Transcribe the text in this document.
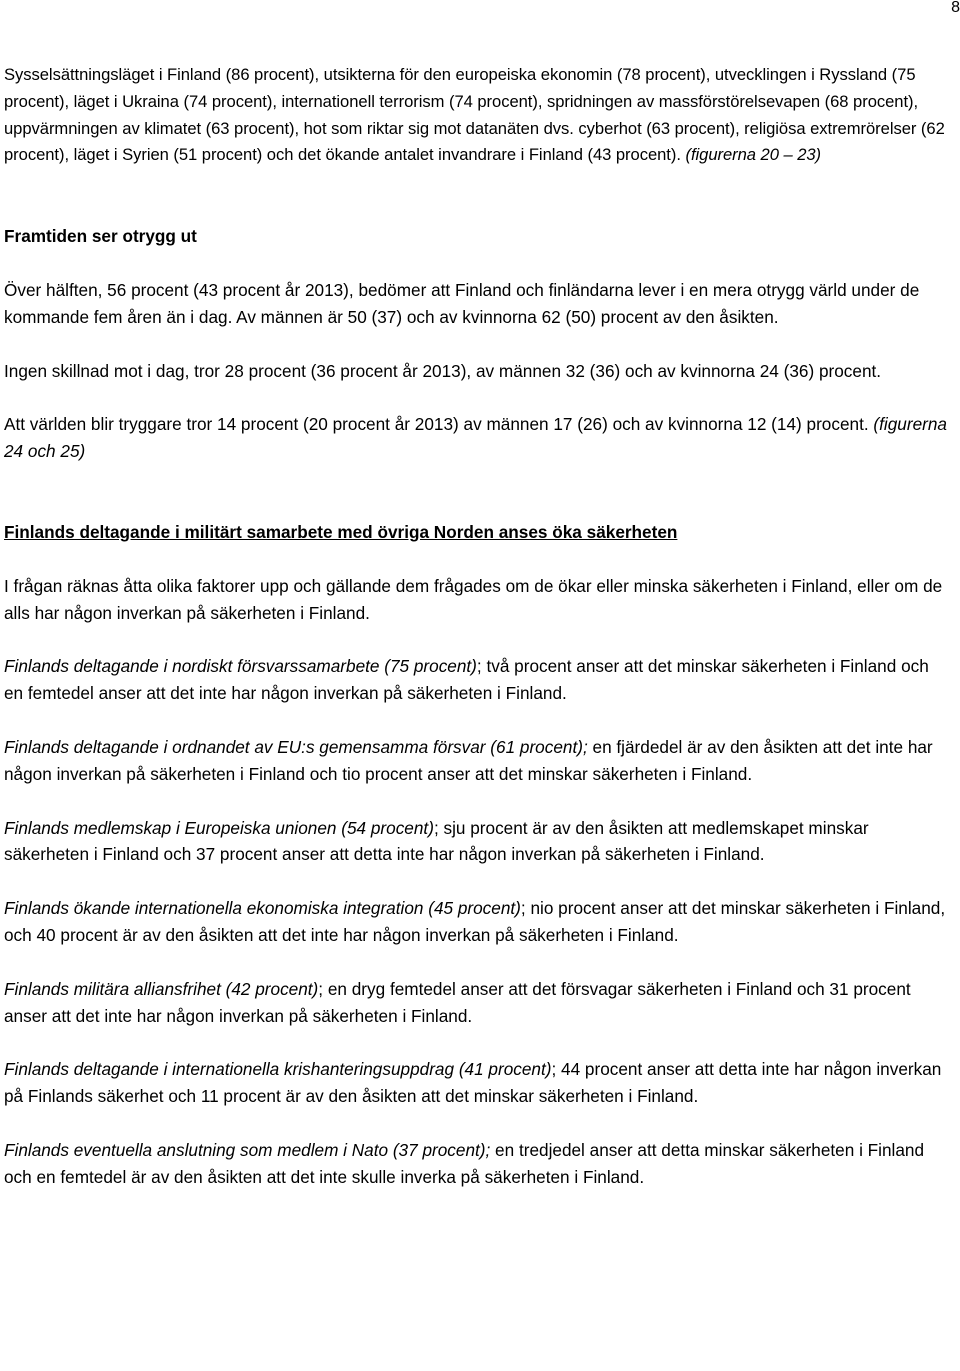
8

Sysselsättningsläget i Finland (86 procent), utsikterna för den europeiska ekonomin (78 procent), utvecklingen i Ryssland (75 procent), läget i Ukraina (74 procent), internationell terrorism (74 procent), spridningen av massförstörelsevapen (68 procent), uppvärmningen av klimatet (63 procent), hot som riktar sig mot datanäten dvs. cyberhot (63 procent), religiösa extremrörelser (62 procent), läget i Syrien (51 procent) och det ökande antalet invandrare i Finland (43 procent). (figurerna 20 – 23)

Framtiden ser otrygg ut

Över hälften, 56 procent (43 procent år 2013), bedömer att Finland och finländarna lever i en mera otrygg värld under de kommande fem åren än i dag. Av männen är 50 (37) och av kvinnorna 62 (50) procent av den åsikten.

Ingen skillnad mot i dag, tror 28 procent (36 procent år 2013), av männen 32 (36) och av kvinnorna 24 (36) procent.

Att världen blir tryggare tror 14 procent (20 procent år 2013) av männen 17 (26) och av kvinnorna 12 (14) procent. (figurerna 24 och 25)

Finlands deltagande i militärt samarbete med övriga Norden anses öka säkerheten

I frågan räknas åtta olika faktorer upp och gällande dem frågades om de ökar eller minska säkerheten i Finland, eller om de alls har någon inverkan på säkerheten i Finland.

Finlands deltagande i nordiskt försvarssamarbete (75 procent); två procent anser att det minskar säkerheten i Finland och en femtedel anser att det inte har någon inverkan på säkerheten i Finland.

Finlands deltagande i ordnandet av EU:s gemensamma försvar (61 procent); en fjärdedel är av den åsikten att det inte har någon inverkan på säkerheten i Finland och tio procent anser att det minskar säkerheten i Finland.

Finlands medlemskap i Europeiska unionen (54 procent); sju procent är av den åsikten att medlemskapet minskar säkerheten i Finland och 37 procent anser att detta inte har någon inverkan på säkerheten i Finland.

Finlands ökande internationella ekonomiska integration (45 procent); nio procent anser att det minskar säkerheten i Finland, och 40 procent är av den åsikten att det inte har någon inverkan på säkerheten i Finland.

Finlands militära alliansfrihet (42 procent); en dryg femtedel anser att det försvagar säkerheten i Finland och 31 procent anser att det inte har någon inverkan på säkerheten i Finland.

Finlands deltagande i internationella krishanteringsuppdrag (41 procent); 44 procent anser att detta inte har någon inverkan på Finlands säkerhet och 11 procent är av den åsikten att det minskar säkerheten i Finland.

Finlands eventuella anslutning som medlem i Nato (37 procent); en tredjedel anser att detta minskar säkerheten i Finland och en femtedel är av den åsikten att det inte skulle inverka på säkerheten i Finland.
